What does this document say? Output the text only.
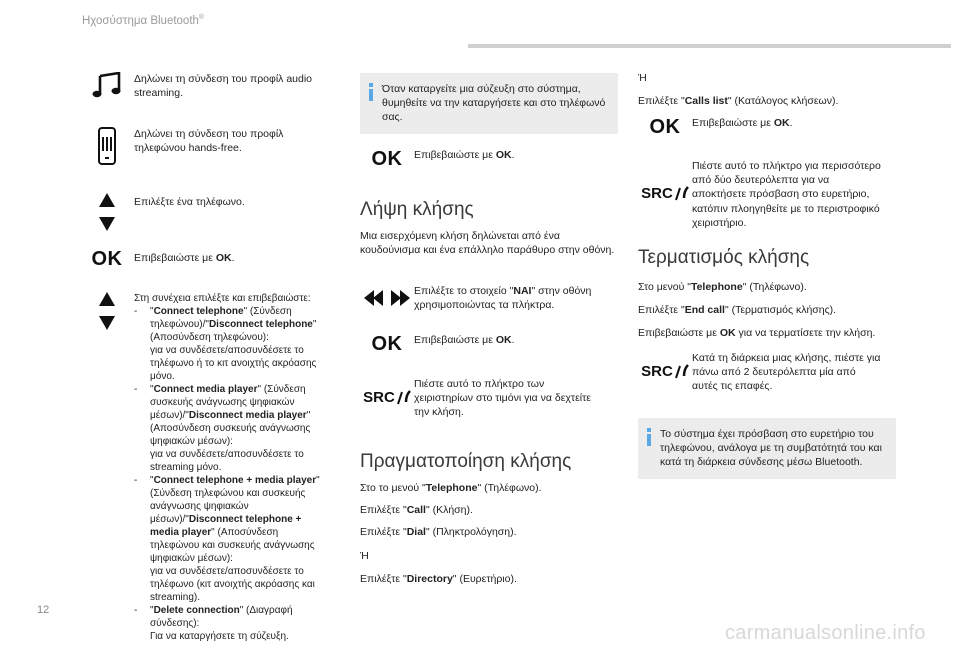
Ηχοσύστημα Bluetooth®
Δηλώνει τη σύνδεση του προφίλ audio streaming.
Δηλώνει τη σύνδεση του προφίλ τηλεφώνου hands-free.
Επιλέξτε ένα τηλέφωνο.
OK Επιβεβαιώστε με OK.
Στη συνέχεια επιλέξτε και επιβεβαιώστε:
-	"Connect telephone" (Σύνδεση τηλεφώνου)/"Disconnect telephone" (Αποσύνδεση τηλεφώνου):
για να συνδέσετε/αποσυνδέσετε το τηλέφωνο ή το κιτ ανοιχτής ακρόασης μόνο.
-	"Connect media player" (Σύνδεση συσκευής ανάγνωσης ψηφιακών μέσων)/"Disconnect media player" (Αποσύνδεση συσκευής ανάγνωσης ψηφιακών μέσων):
για να συνδέσετε/αποσυνδέσετε το streaming μόνο.
-	"Connect telephone + media player" (Σύνδεση τηλεφώνου και συσκευής ανάγνωσης ψηφιακών μέσων)/"Disconnect telephone + media player" (Αποσύνδεση τηλεφώνου και συσκευής ανάγνωσης ψηφιακών μέσων):
για να συνδέσετε/αποσυνδέσετε το τηλέφωνο (κιτ ανοιχτής ακρόασης και streaming).
-	"Delete connection" (Διαγραφή σύνδεσης):
Για να καταργήσετε τη σύζευξη.
Όταν καταργείτε μια σύζευξη στο σύστημα, θυμηθείτε να την καταργήσετε και στο τηλέφωνό σας.
OK Επιβεβαιώστε με OK.
Λήψη κλήσης
Μια εισερχόμενη κλήση δηλώνεται από ένα κουδούνισμα και ένα επάλληλο παράθυρο στην οθόνη.
Επιλέξτε το στοιχείο "NAI" στην οθόνη χρησιμοποιώντας τα πλήκτρα.
OK Επιβεβαιώστε με OK.
SRC
Πιέστε αυτό το πλήκτρο των χειριστηρίων στο τιμόνι για να δεχτείτε την κλήση.
Πραγματοποίηση κλήσης
Στο το μενού "Telephone" (Τηλέφωνο).
Επιλέξτε "Call" (Κλήση).
Επιλέξτε "Dial" (Πληκτρολόγηση).
Ή
Επιλέξτε "Directory" (Ευρετήριο).
Ή
Επιλέξτε "Calls list" (Κατάλογος κλήσεων).
OK Επιβεβαιώστε με OK.
SRC
Πιέστε αυτό το πλήκτρο για περισσότερο από δύο δευτερόλεπτα για να αποκτήσετε πρόσβαση στο ευρετήριο, κατόπιν πλοηγηθείτε με το περιστροφικό χειριστήριο.
Τερματισμός κλήσης
Στο μενού "Telephone" (Τηλέφωνο).
Επιλέξτε "End call" (Τερματισμός κλήσης).
Επιβεβαιώστε με OK για να τερματίσετε την κλήση.
SRC
Κατά τη διάρκεια μιας κλήσης, πιέστε για πάνω από 2 δευτερόλεπτα μία από αυτές τις επαφές.
Το σύστημα έχει πρόσβαση στο ευρετήριο του τηλεφώνου, ανάλογα με τη συμβατότητά του και κατά τη διάρκεια σύνδεσης μέσω Bluetooth.
12
carmanualsonline.info
